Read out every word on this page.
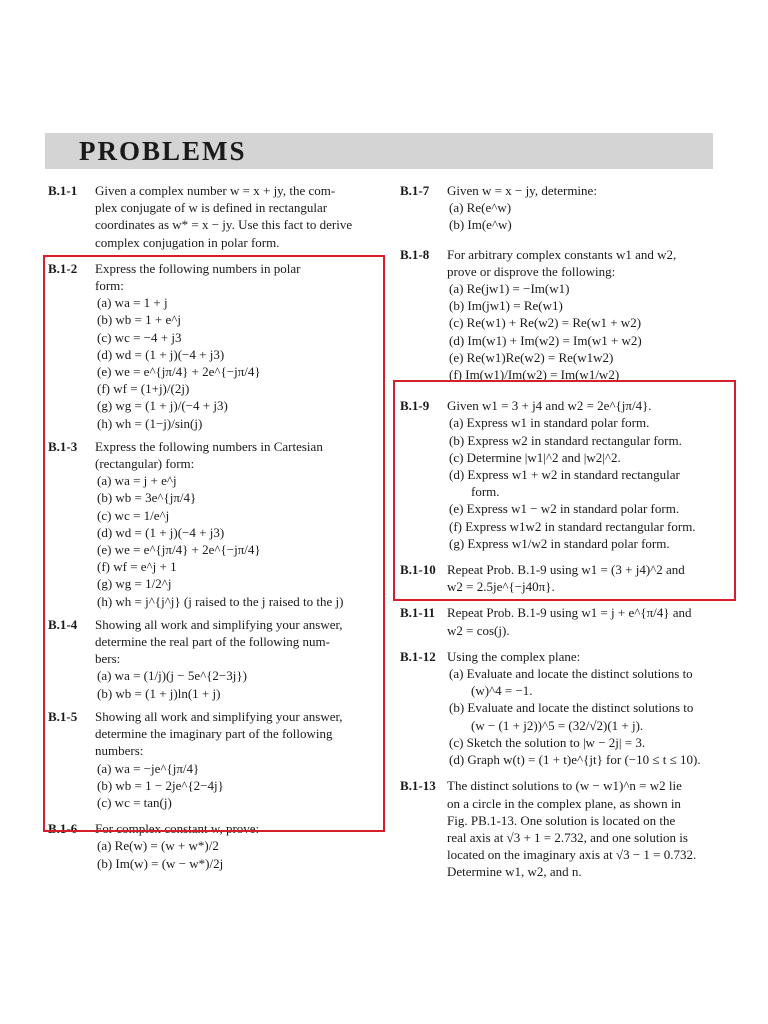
PROBLEMS
B.1-1	Given a complex number w = x + jy, the com-
plex conjugate of w is defined in rectangular
coordinates as w* = x − jy. Use this fact to derive
complex conjugation in polar form.
B.1-2	Express the following numbers in polar
form:
(a) wa = 1 + j
(b) wb = 1 + e^j
(c) wc = −4 + j3
(d) wd = (1 + j)(−4 + j3)
(e) we = e^{jπ/4} + 2e^{−jπ/4}
(f) wf = (1+j)/(2j)
(g) wg = (1 + j)/(−4 + j3)
(h) wh = (1−j)/sin(j)
B.1-3	Express the following numbers in Cartesian
(rectangular) form:
(a) wa = j + e^j
(b) wb = 3e^{jπ/4}
(c) wc = 1/e^j
(d) wd = (1 + j)(−4 + j3)
(e) we = e^{jπ/4} + 2e^{−jπ/4}
(f) wf = e^j + 1
(g) wg = 1/2^j
(h) wh = j^{j^j} (j raised to the j raised to the j)
B.1-4	Showing all work and simplifying your answer,
determine the real part of the following num-
bers:
(a) wa = (1/j)(j − 5e^{2−3j})
(b) wb = (1 + j)ln(1 + j)
B.1-5	Showing all work and simplifying your answer,
determine the imaginary part of the following
numbers:
(a) wa = −je^{jπ/4}
(b) wb = 1 − 2je^{2−4j}
(c) wc = tan(j)
B.1-6	For complex constant w, prove:
(a) Re(w) = (w + w*)/2
(b) Im(w) = (w − w*)/2j
B.1-7	Given w = x − jy, determine:
(a) Re(e^w)
(b) Im(e^w)
B.1-8	For arbitrary complex constants w1 and w2,
prove or disprove the following:
(a) Re(jw1) = −Im(w1)
(b) Im(jw1) = Re(w1)
(c) Re(w1) + Re(w2) = Re(w1 + w2)
(d) Im(w1) + Im(w2) = Im(w1 + w2)
(e) Re(w1)Re(w2) = Re(w1w2)
(f) Im(w1)/Im(w2) = Im(w1/w2)
B.1-9	Given w1 = 3 + j4 and w2 = 2e^{jπ/4}.
(a) Express w1 in standard polar form.
(b) Express w2 in standard rectangular form.
(c) Determine |w1|^2 and |w2|^2.
(d) Express w1 + w2 in standard rectangular
form.
(e) Express w1 − w2 in standard polar form.
(f) Express w1w2 in standard rectangular form.
(g) Express w1/w2 in standard polar form.
B.1-10 Repeat Prob. B.1-9 using w1 = (3 + j4)^2 and
w2 = 2.5je^{−j40π}.
B.1-11 Repeat Prob. B.1-9 using w1 = j + e^{π/4} and
w2 = cos(j).
B.1-12 Using the complex plane:
(a) Evaluate and locate the distinct solutions to
(w)^4 = −1.
(b) Evaluate and locate the distinct solutions to
(w − (1 + j2))^5 = (32/√2)(1 + j).
(c) Sketch the solution to |w − 2j| = 3.
(d) Graph w(t) = (1 + t)e^{jt} for (−10 ≤ t ≤ 10).
B.1-13 The distinct solutions to (w − w1)^n = w2 lie
on a circle in the complex plane, as shown in
Fig. PB.1-13. One solution is located on the
real axis at √3 + 1 = 2.732, and one solution is
located on the imaginary axis at √3 − 1 = 0.732.
Determine w1, w2, and n.
